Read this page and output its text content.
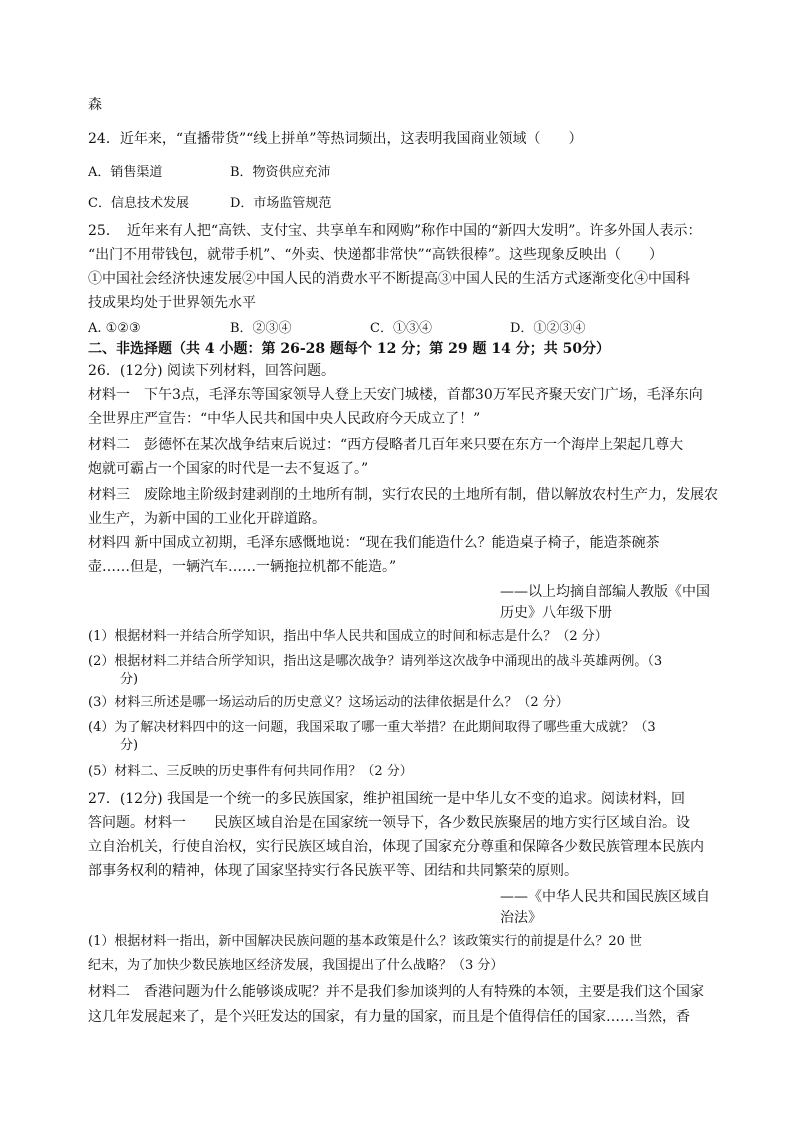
森
24．近年来，“直播带货”“线上拼单”等热词频出，这表明我国商业领域（　　）
A．销售渠道	B．物资供应充沛
C．信息技术发展	D．市场监管规范
25．　近年来有人把“高铁、支付宝、共享单车和网购”称作中国的“新四大发明”。许多外国人表示：
“出门不用带钱包，就带手机”、“外卖、快递都非常快”“高铁很棒”。这些现象反映出（　　）
①中国社会经济快速发展②中国人民的消费水平不断提高③中国人民的生活方式逐渐变化④中国科
技成果均处于世界领先水平
A. ①②③	B．②③④	C．①③④	D．①②③④
二、非选择题（共 4 小题：第 26-28 题每个 12 分；第 29 题 14 分；共 50分）
26．(12分) 阅读下列材料，回答问题。
材料一　下午3点，毛泽东等国家领导人登上天安门城楼，首都30万军民齐聚天安门广场，毛泽东向
全世界庄严宣告：“中华人民共和国中央人民政府今天成立了！”
材料二　彭德怀在某次战争结束后说过：“西方侵略者几百年来只要在东方一个海岸上架起几尊大
炮就可霸占一个国家的时代是一去不复返了。”
材料三　废除地主阶级封建剥削的土地所有制，实行农民的土地所有制，借以解放农村生产力，发展农
业生产，为新中国的工业化开辟道路。
材料四 新中国成立初期，毛泽东感慨地说：“现在我们能造什么？能造桌子椅子，能造茶碗茶
壶……但是，一辆汽车……一辆拖拉机都不能造。”
——以上均摘自部编人教版《中国历史》八年级下册
(1）根据材料一并结合所学知识，指出中华人民共和国成立的时间和标志是什么？（2 分）
(2）根据材料二并结合所学知识，指出这是哪次战争？请列举这次战争中涌现出的战斗英雄两例。（3
分)
(3）材料三所述是哪一场运动后的历史意义？这场运动的法律依据是什么？（2 分）
(4）为了解决材料四中的这一问题，我国采取了哪一重大举措？在此期间取得了哪些重大成就？（3
分)
(5）材料二、三反映的历史事件有何共同作用？（2 分）
27．(12分) 我国是一个统一的多民族国家，维护祖国统一是中华儿女不变的追求。阅读材料，回
答问题。材料一　　民族区域自治是在国家统一领导下，各少数民族聚居的地方实行区域自治。设
立自治机关，行使自治权，实行民族区域自治，体现了国家充分尊重和保障各少数民族管理本民族内
部事务权利的精神，体现了国家坚持实行各民族平等、团结和共同繁荣的原则。
——《中华人民共和国民族区域自治法》
(1）根据材料一指出，新中国解决民族问题的基本政策是什么？该政策实行的前提是什么？20 世
纪末，为了加快少数民族地区经济发展，我国提出了什么战略？（3 分）
材料二　香港问题为什么能够谈成呢？并不是我们参加谈判的人有特殊的本领，主要是我们这个国家
这几年发展起来了，是个兴旺发达的国家，有力量的国家，而且是个值得信任的国家……当然，香
